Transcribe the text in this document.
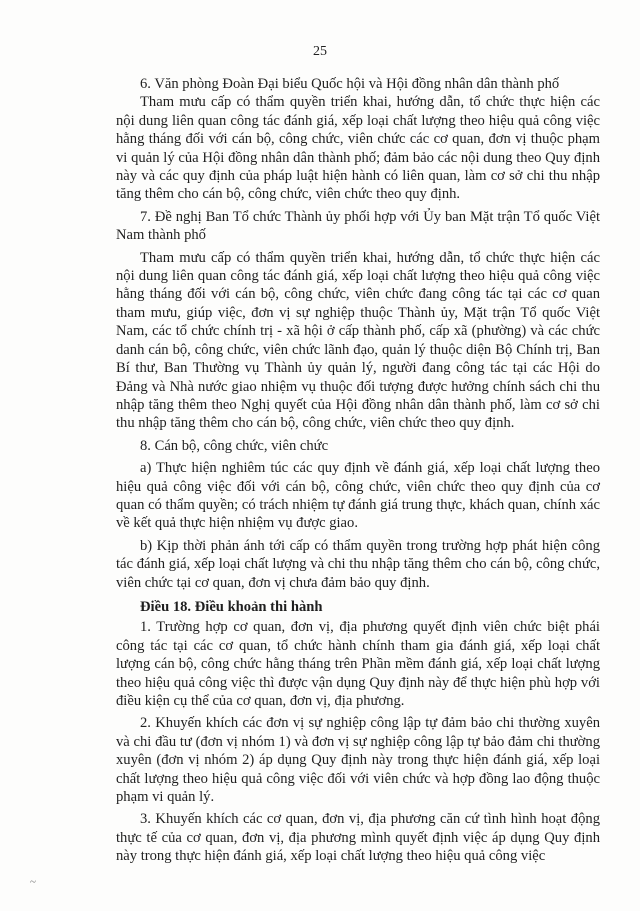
25

6. Văn phòng Đoàn Đại biểu Quốc hội và Hội đồng nhân dân thành phố

Tham mưu cấp có thẩm quyền triển khai, hướng dẫn, tổ chức thực hiện các nội dung liên quan công tác đánh giá, xếp loại chất lượng theo hiệu quả công việc hằng tháng đối với cán bộ, công chức, viên chức các cơ quan, đơn vị thuộc phạm vi quản lý của Hội đồng nhân dân thành phố; đảm bảo các nội dung theo Quy định này và các quy định của pháp luật hiện hành có liên quan, làm cơ sở chi thu nhập tăng thêm cho cán bộ, công chức, viên chức theo quy định.

7. Đề nghị Ban Tổ chức Thành ủy phối hợp với Ủy ban Mặt trận Tổ quốc Việt Nam thành phố

Tham mưu cấp có thẩm quyền triển khai, hướng dẫn, tổ chức thực hiện các nội dung liên quan công tác đánh giá, xếp loại chất lượng theo hiệu quả công việc hằng tháng đối với cán bộ, công chức, viên chức đang công tác tại các cơ quan tham mưu, giúp việc, đơn vị sự nghiệp thuộc Thành ủy, Mặt trận Tổ quốc Việt Nam, các tổ chức chính trị - xã hội ở cấp thành phố, cấp xã (phường) và các chức danh cán bộ, công chức, viên chức lãnh đạo, quản lý thuộc diện Bộ Chính trị, Ban Bí thư, Ban Thường vụ Thành ủy quản lý, người đang công tác tại các Hội do Đảng và Nhà nước giao nhiệm vụ thuộc đối tượng được hưởng chính sách chi thu nhập tăng thêm theo Nghị quyết của Hội đồng nhân dân thành phố, làm cơ sở chi thu nhập tăng thêm cho cán bộ, công chức, viên chức theo quy định.

8. Cán bộ, công chức, viên chức

a) Thực hiện nghiêm túc các quy định về đánh giá, xếp loại chất lượng theo hiệu quả công việc đối với cán bộ, công chức, viên chức theo quy định của cơ quan có thẩm quyền; có trách nhiệm tự đánh giá trung thực, khách quan, chính xác về kết quả thực hiện nhiệm vụ được giao.

b) Kịp thời phản ánh tới cấp có thẩm quyền trong trường hợp phát hiện công tác đánh giá, xếp loại chất lượng và chi thu nhập tăng thêm cho cán bộ, công chức, viên chức tại cơ quan, đơn vị chưa đảm bảo quy định.

Điều 18. Điều khoản thi hành

1. Trường hợp cơ quan, đơn vị, địa phương quyết định viên chức biệt phái công tác tại các cơ quan, tổ chức hành chính tham gia đánh giá, xếp loại chất lượng cán bộ, công chức hằng tháng trên Phần mềm đánh giá, xếp loại chất lượng theo hiệu quả công việc thì được vận dụng Quy định này để thực hiện phù hợp với điều kiện cụ thể của cơ quan, đơn vị, địa phương.

2. Khuyến khích các đơn vị sự nghiệp công lập tự đảm bảo chi thường xuyên và chi đầu tư (đơn vị nhóm 1) và đơn vị sự nghiệp công lập tự bảo đảm chi thường xuyên (đơn vị nhóm 2) áp dụng Quy định này trong thực hiện đánh giá, xếp loại chất lượng theo hiệu quả công việc đối với viên chức và hợp đồng lao động thuộc phạm vi quản lý.

3. Khuyến khích các cơ quan, đơn vị, địa phương căn cứ tình hình hoạt động thực tế của cơ quan, đơn vị, địa phương mình quyết định việc áp dụng Quy định này trong thực hiện đánh giá, xếp loại chất lượng theo hiệu quả công việc

~
